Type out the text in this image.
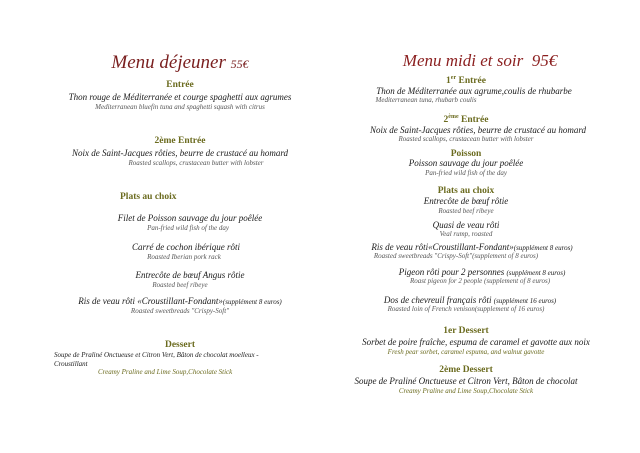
Menu déjeuner 55€
Entrée
Thon rouge de Méditerranée et courge spaghetti aux agrumes
Mediterranean bluefin tuna and spaghetti squash with citrus
2ème Entrée
Noix de Saint-Jacques rôties, beurre de crustacé au homard
Roasted scallops, crustacean butter with lobster
Plats au choix
Filet de Poisson sauvage du jour poêlée
Pan-fried wild fish of the day
Carré de cochon ibérique rôti
Roasted Iberian pork rack
Entrecôte de bœuf Angus rôtie
Roasted beef ribeye
Ris de veau rôti «Croustillant-Fondant»(supplément 8 euros)
Roasted sweetbreads "Crispy-Soft"
Dessert
Soupe de Praliné Onctueuse et Citron Vert, Bâton de chocolat moelleux -
Croustillant
Creamy Praline and Lime Soup,Chocolate Stick
Menu midi et soir 95€
1er Entrée
Thon de Méditerranée aux agrume,coulis de rhubarbe
Mediterranean tuna, rhubarb coulis
2ème Entrée
Noix de Saint-Jacques rôties, beurre de crustacé au homard
Roasted scallops, crustacean butter with lobster
Poisson
Poisson sauvage du jour poêlée
Pan-fried wild fish of the day
Plats au choix
Entrecôte de bœuf rôtie
Roasted beef ribeye
Quasi de veau rôti
Veal rump, roasted
Ris de veau rôti«Croustillant-Fondant»(supplément 8 euros)
Roasted sweetbreads "Crispy-Soft"(supplement of 8 euros)
Pigeon rôti pour 2 personnes (supplément 8 euros)
Roast pigeon for 2 people (supplement of 8 euros)
Dos de chevreuil français rôti (supplément 16 euros)
Roasted loin of French venison(supplement of 16 euros)
1er Dessert
Sorbet de poire fraîche, espuma de caramel et gavotte aux noix
Fresh pear sorbet, caramel espuma, and walnut gavotte
2ème Dessert
Soupe de Praliné Onctueuse et Citron Vert, Bâton de chocolat
Creamy Praline and Lime Soup,Chocolate Stick
